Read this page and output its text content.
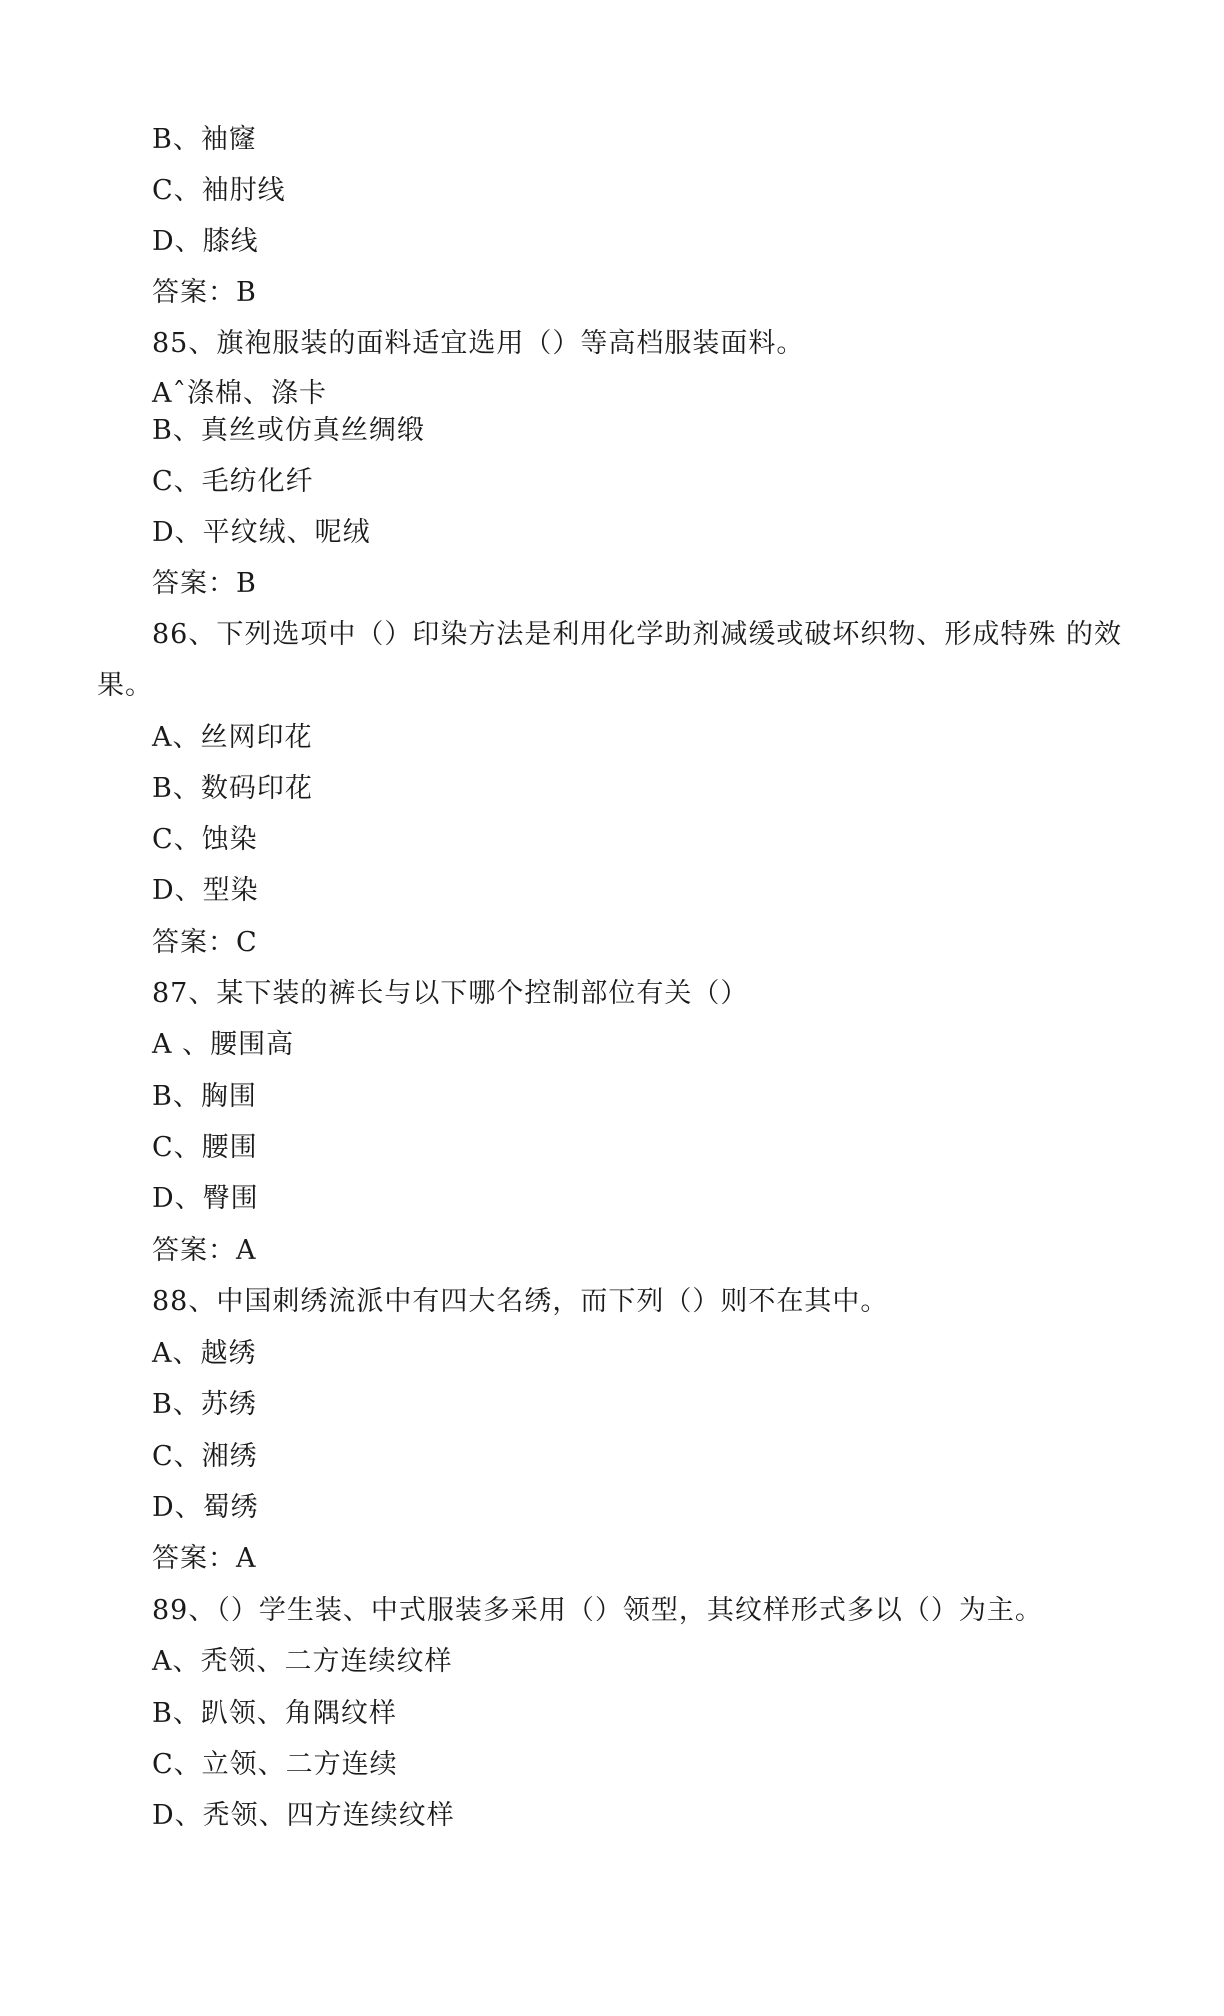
B、袖窿
C、袖肘线
D、膝线
答案：B
85、旗袍服装的面料适宜选用（）等高档服装面料。
Aˆ涤棉、涤卡
B、真丝或仿真丝绸缎
C、毛纺化纤
D、平纹绒、呢绒
答案：B
86、下列选项中（）印染方法是利用化学助剂减缓或破坏织物、形成特殊 的效
果。
A、丝网印花
B、数码印花
C、蚀染
D、型染
答案：C
87、某下装的裤长与以下哪个控制部位有关（）
A 、腰围高
B、胸围
C、腰围
D、臀围
答案：A
88、中国刺绣流派中有四大名绣，而下列（）则不在其中。
A、越绣
B、苏绣
C、湘绣
D、蜀绣
答案：A
89、（）学生装、中式服装多采用（）领型，其纹样形式多以（）为主。
A、秃领、二方连续纹样
B、趴领、角隅纹样
C、立领、二方连续
D、秃领、四方连续纹样
